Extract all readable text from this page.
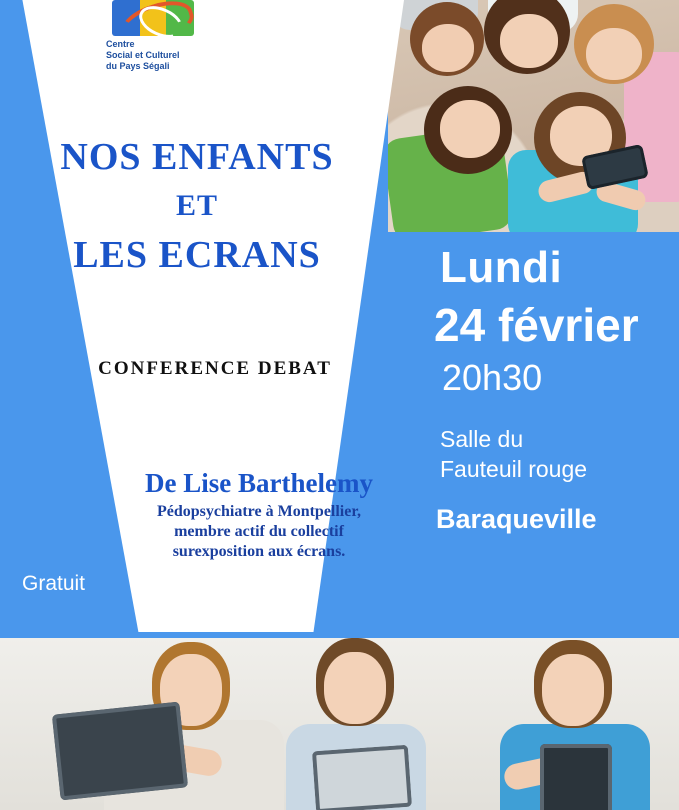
Centre
Social et Culturel
du Pays Ségali
NOS ENFANTS
ET
LES ECRANS
CONFERENCE DEBAT
De Lise Barthelemy
Pédopsychiatre à Montpellier,
membre actif du collectif
surexposition aux écrans.
Gratuit
Lundi
24 février
20h30
Salle du
Fauteuil rouge
Baraqueville
